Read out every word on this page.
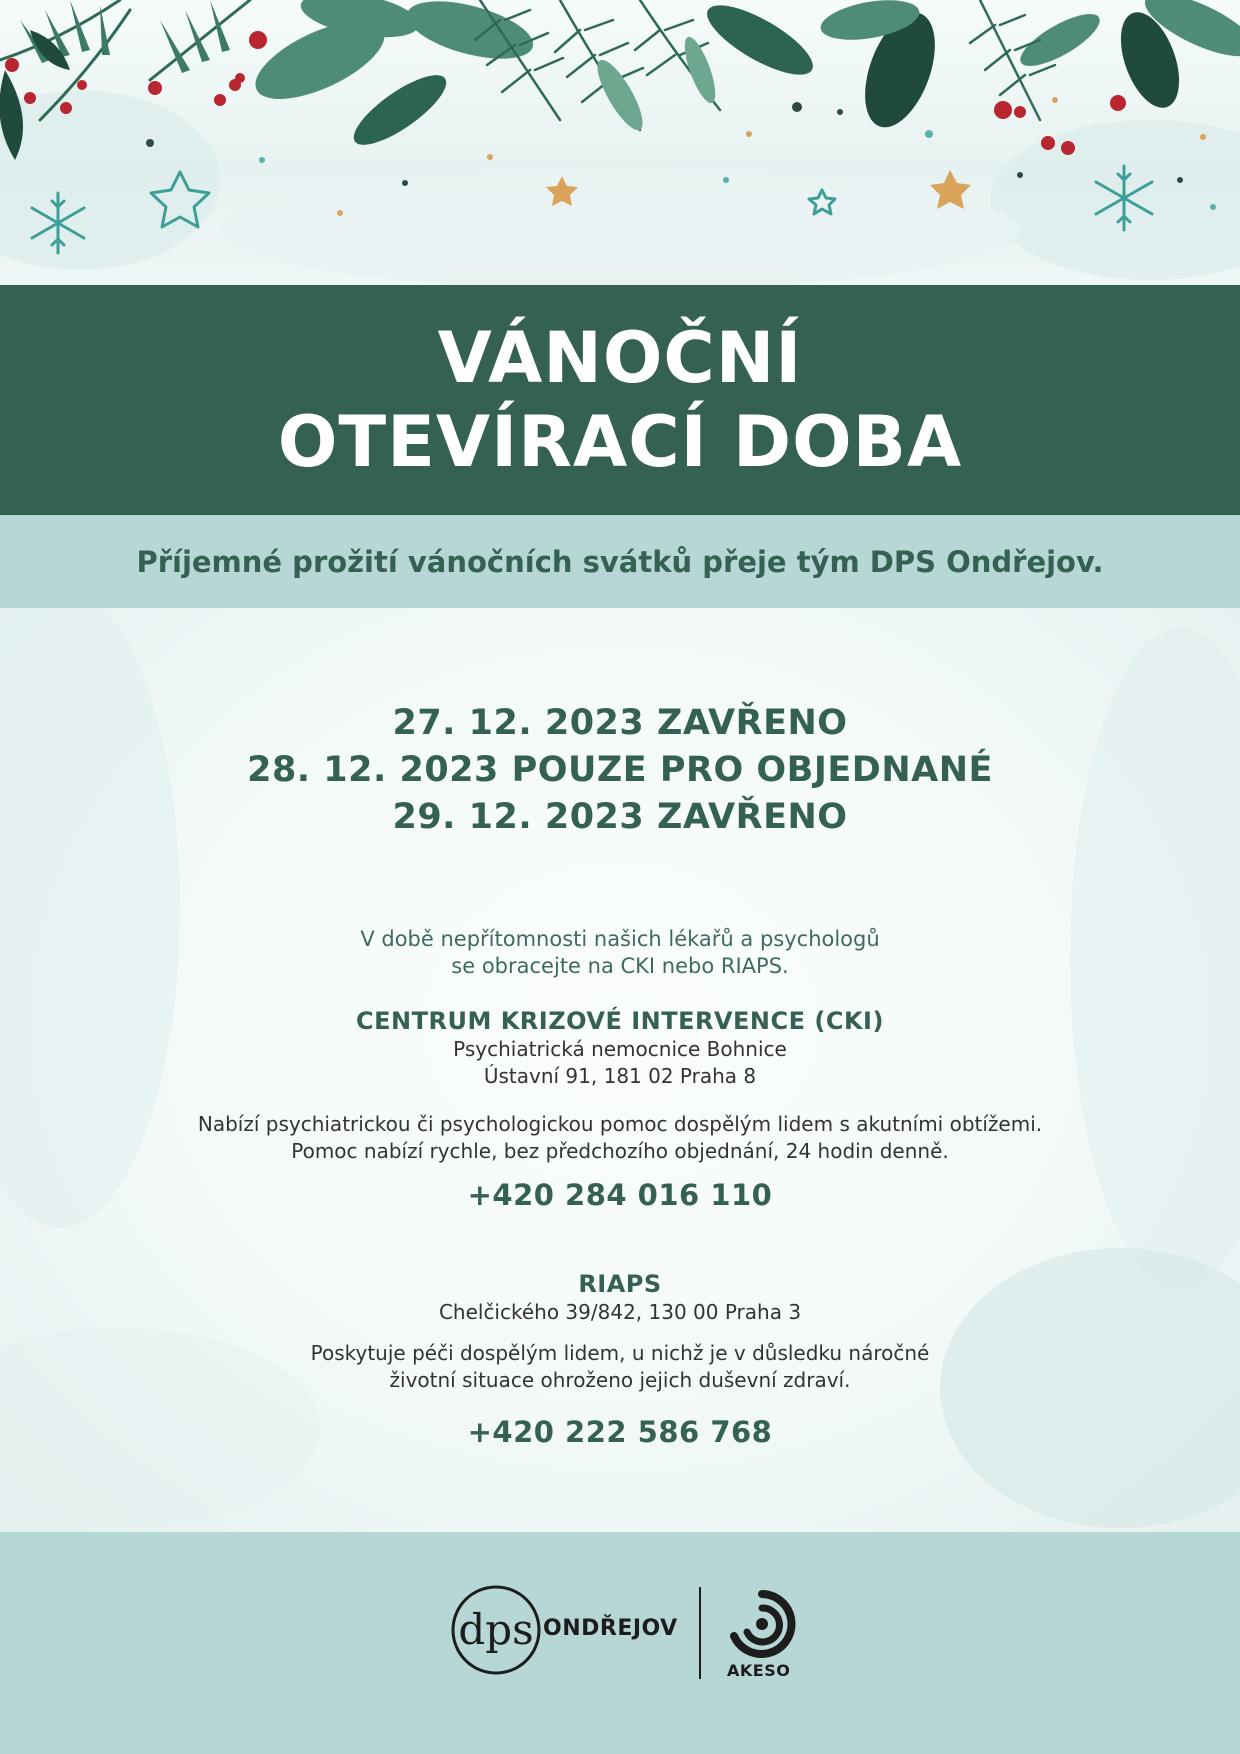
VÁNOČNÍ
OTEVÍRACÍ DOBA

Příjemné prožití vánočních svátků přeje tým DPS Ondřejov.

27. 12. 2023 ZAVŘENO

28. 12. 2023 POUZE PRO OBJEDNANÉ

29. 12. 2023 ZAVŘENO

V době nepřítomnosti našich lékařů a psychologů

se obracejte na CKI nebo RIAPS.

CENTRUM KRIZOVÉ INTERVENCE (CKI)

Psychiatrická nemocnice Bohnice

Ústavní 91, 181 02 Praha 8

Nabízí psychiatrickou či psychologickou pomoc dospělým lidem s akutními obtížemi.

Pomoc nabízí rychle, bez předchozího objednání, 24 hodin denně.

+420 284 016 110

RIAPS

Chelčického 39/842, 130 00 Praha 3

Poskytuje péči dospělým lidem, u nichž je v důsledku náročné

životní situace ohroženo jejich duševní zdraví.

+420 222 586 768

dps ONDŘEJOV
AKESO
